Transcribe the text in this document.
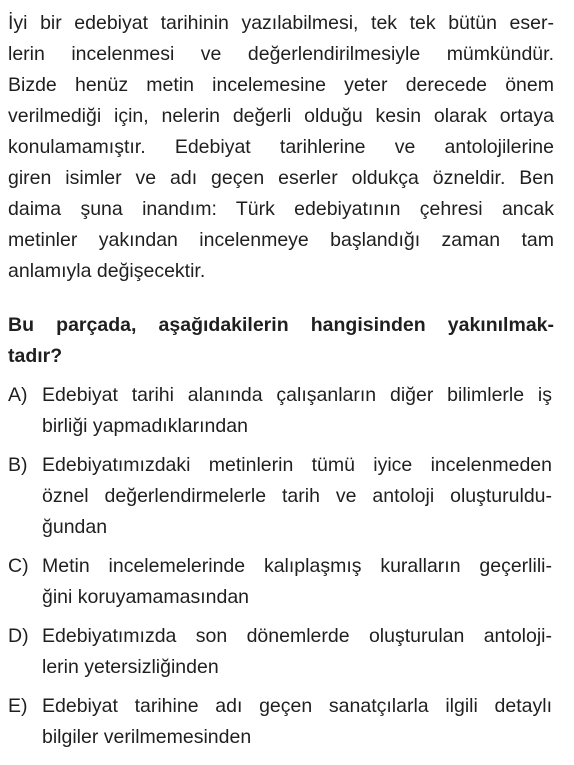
İyi bir edebiyat tarihinin yazılabilmesi, tek tek bütün eser-
lerin incelenmesi ve değerlendirilmesiyle mümkündür.
Bizde henüz metin incelemesine yeter derecede önem
verilmediği için, nelerin değerli olduğu kesin olarak ortaya
konulamamıştır. Edebiyat tarihlerine ve antolojilerine
giren isimler ve adı geçen eserler oldukça özneldir. Ben
daima şuna inandım: Türk edebiyatının çehresi ancak
metinler yakından incelenmeye başlandığı zaman tam
anlamıyla değişecektir.
Bu parçada, aşağıdakilerin hangisinden yakınılmak-
tadır?
A) Edebiyat tarihi alanında çalışanların diğer bilimlerle iş
birliği yapmadıklarından
B) Edebiyatımızdaki metinlerin tümü iyice incelenmeden
öznel değerlendirmelerle tarih ve antoloji oluşturuldu-
ğundan
C) Metin incelemelerinde kalıplaşmış kuralların geçerlili-
ğini koruyamamasından
D) Edebiyatımızda son dönemlerde oluşturulan antoloji-
lerin yetersizliğinden
E) Edebiyat tarihine adı geçen sanatçılarla ilgili detaylı
bilgiler verilmemesinden
